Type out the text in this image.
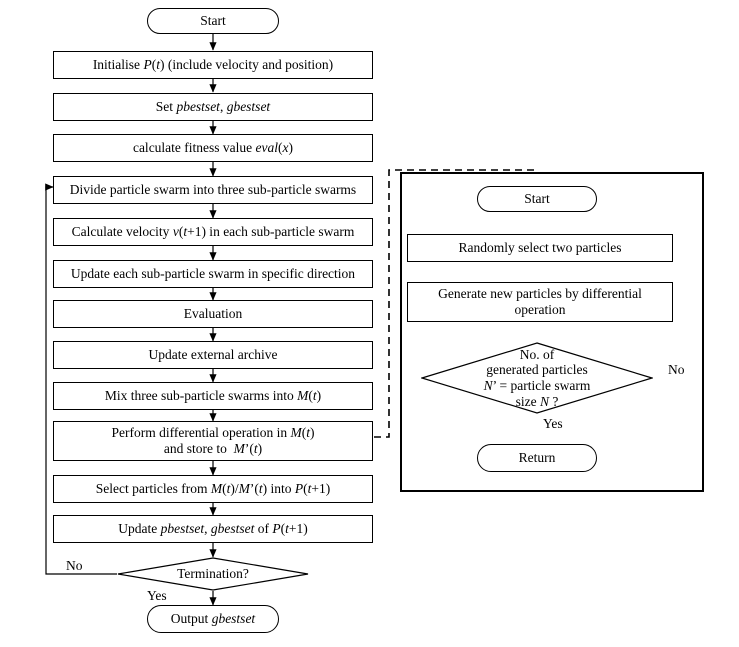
Start
Initialise P(t) (include velocity and position)
Set pbestset, gbestset
calculate fitness value eval(x)
Divide particle swarm into three sub-particle swarms
Calculate velocity v(t+1) in each sub-particle swarm
Update each sub-particle swarm in specific direction
Evaluation
Update external archive
Mix three sub-particle swarms into M(t)
Perform differential operation in M(t)
and store to  M’(t)
Select particles from M(t)/M’(t) into P(t+1)
Update pbestset, gbestset of P(t+1)
Termination?
No
Yes
Output gbestset
Start
Randomly select two particles
Generate new particles by differential
operation
No. of
generated particles
N’ = particle swarm
size N ?
No
Yes
Return
